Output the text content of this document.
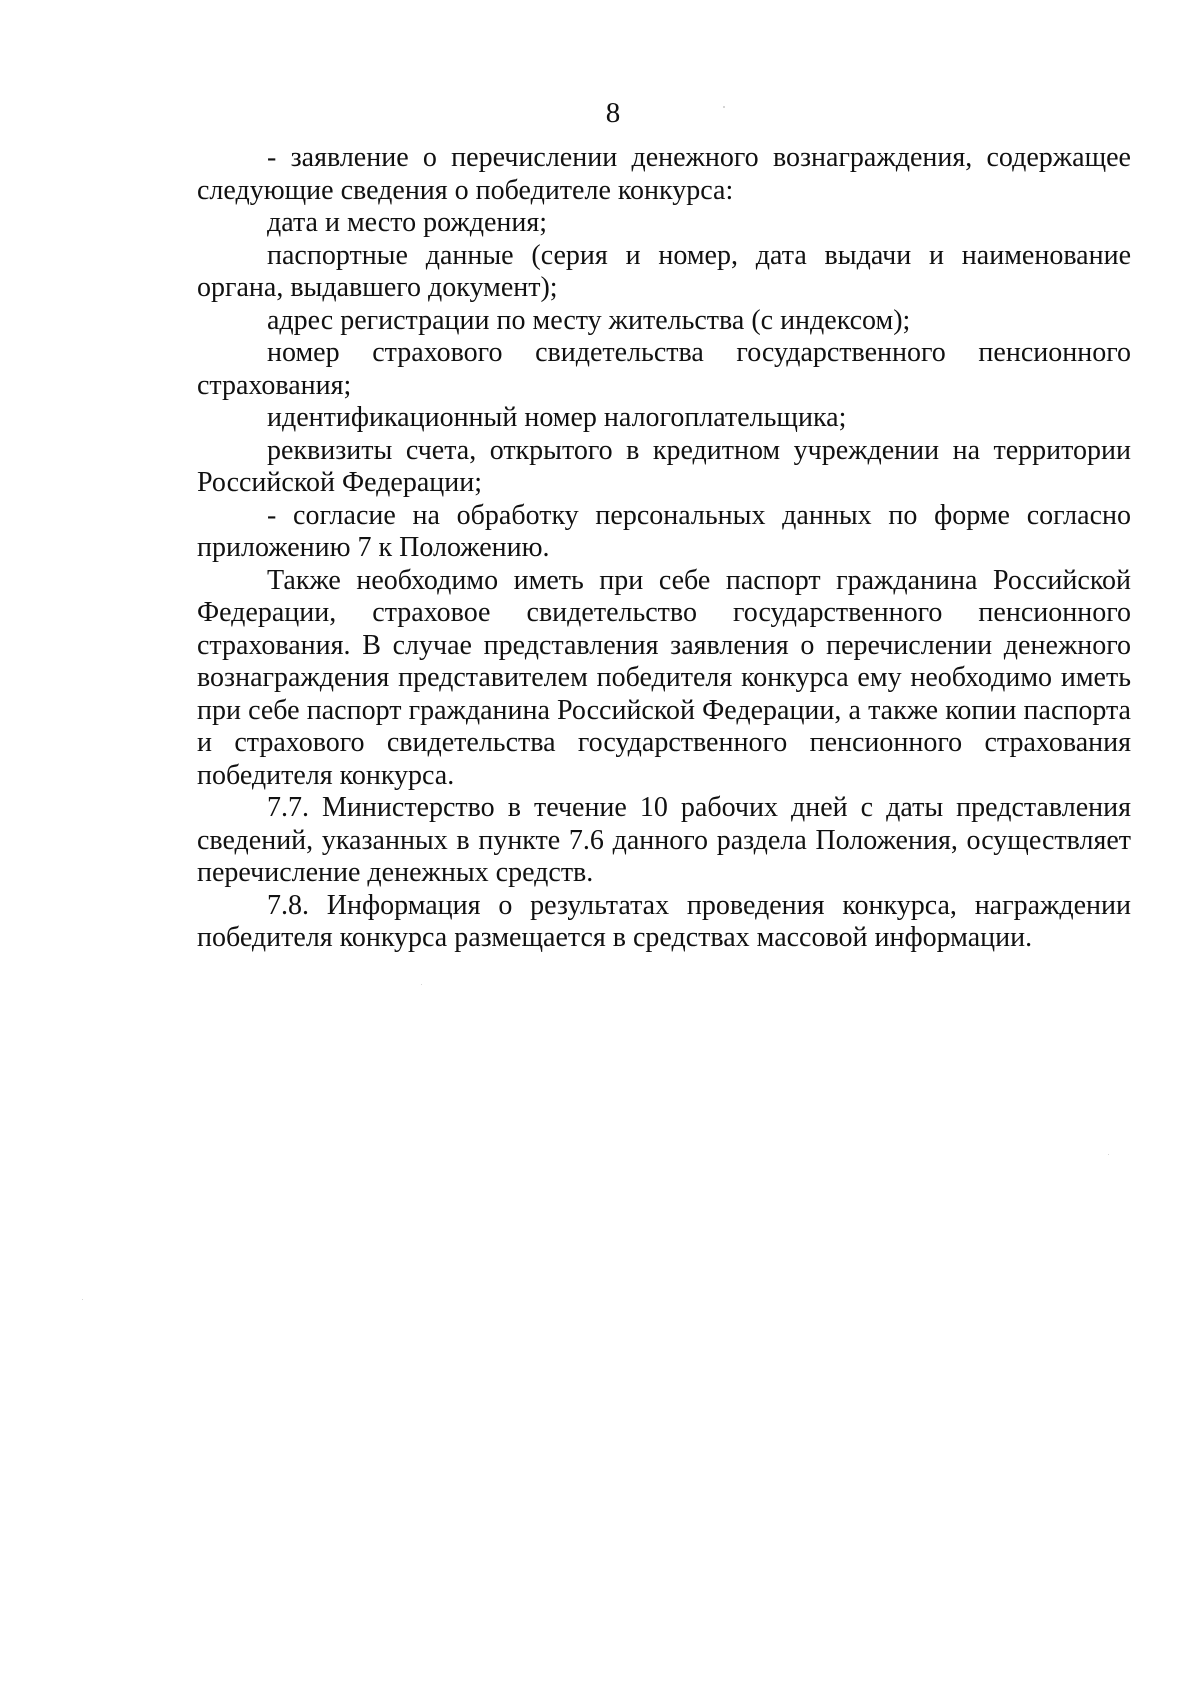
8

- заявление о перечислении денежного вознаграждения, содержащее следующие сведения о победителе конкурса:

дата и место рождения;

паспортные данные (серия и номер, дата выдачи и наименование органа, выдавшего документ);

адрес регистрации по месту жительства (с индексом);

номер страхового свидетельства государственного пенсионного страхования;

идентификационный номер налогоплательщика;

реквизиты счета, открытого в кредитном учреждении на территории Российской Федерации;

- согласие на обработку персональных данных по форме согласно приложению 7 к Положению.

Также необходимо иметь при себе паспорт гражданина Российской Федерации, страховое свидетельство государственного пенсионного страхования. В случае представления заявления о перечислении денежного вознаграждения представителем победителя конкурса ему необходимо иметь при себе паспорт гражданина Российской Федерации, а также копии паспорта и страхового свидетельства государственного пенсионного страхования победителя конкурса.

7.7. Министерство в течение 10 рабочих дней с даты представления сведений, указанных в пункте 7.6 данного раздела Положения, осуществляет перечисление денежных средств.

7.8. Информация о результатах проведения конкурса, награждении победителя конкурса размещается в средствах массовой информации.
